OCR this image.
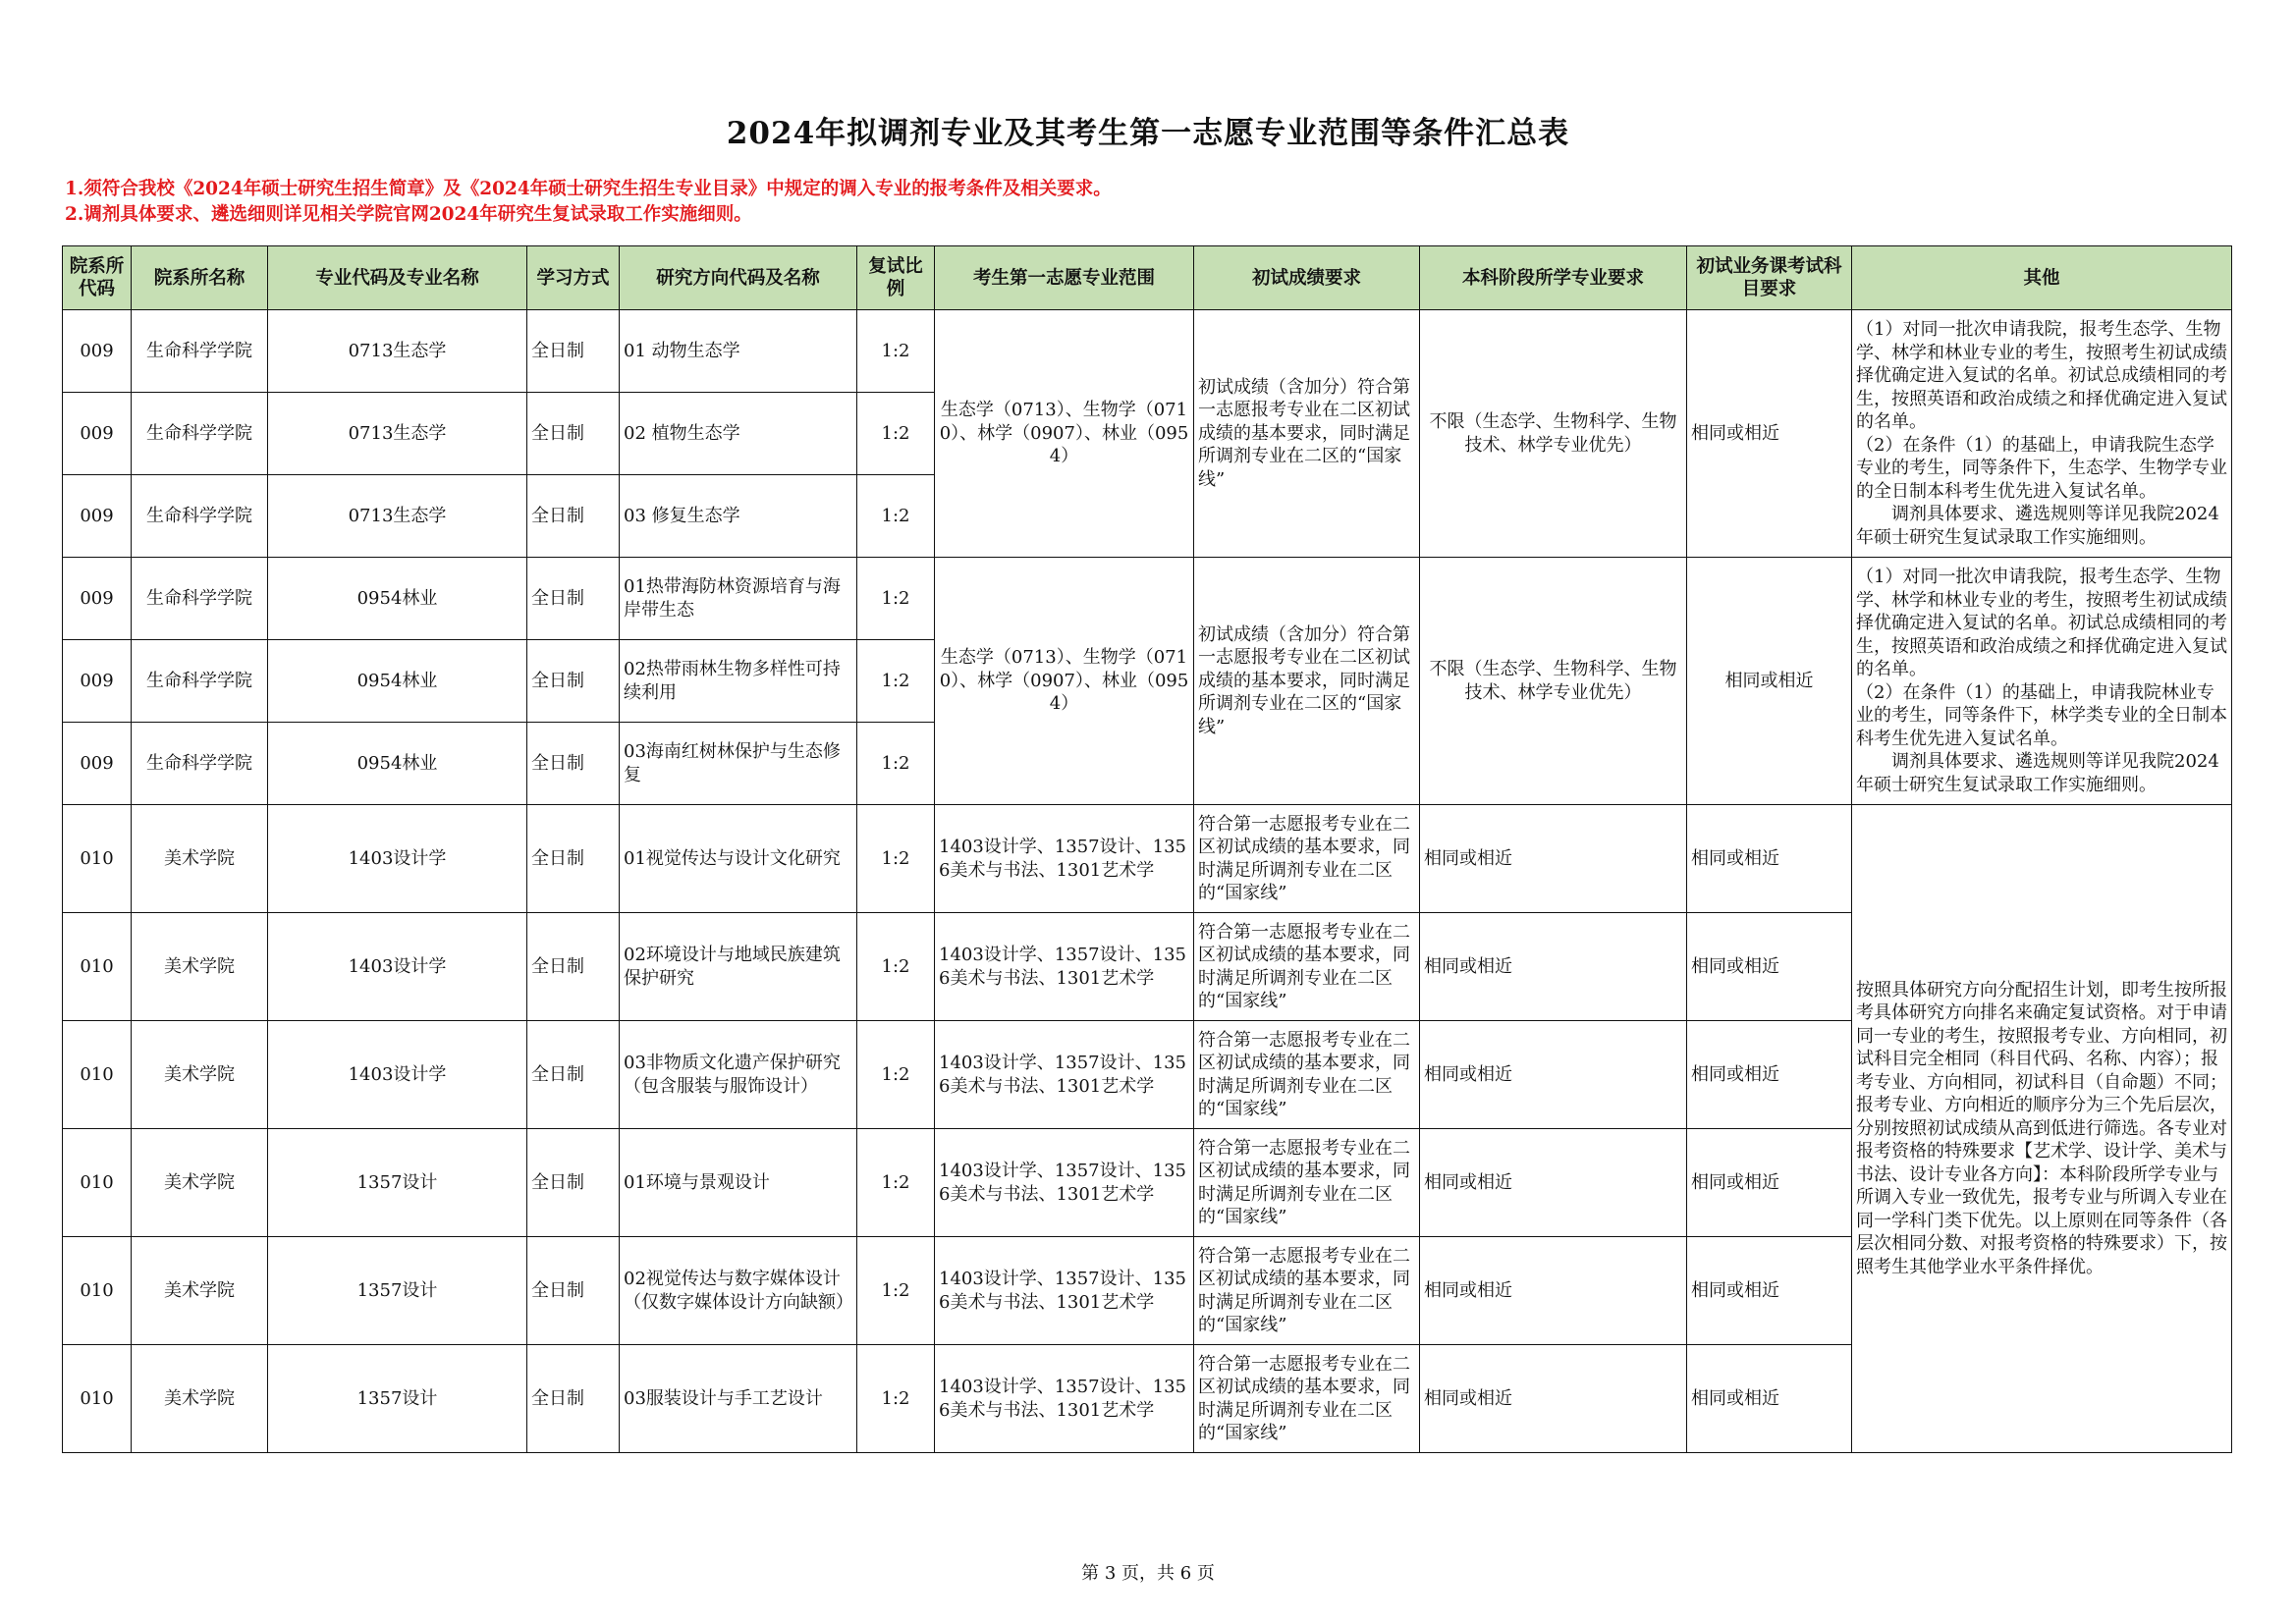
2024年拟调剂专业及其考生第一志愿专业范围等条件汇总表
1.须符合我校《2024年硕士研究生招生简章》及《2024年硕士研究生招生专业目录》中规定的调入专业的报考条件及相关要求。
2.调剂具体要求、遴选细则详见相关学院官网2024年研究生复试录取工作实施细则。
院系所代码	院系所名称	专业代码及专业名称	学习方式	研究方向代码及名称	复试比例	考生第一志愿专业范围	初试成绩要求	本科阶段所学专业要求	初试业务课考试科目要求	其他
009	生命科学学院	0713生态学	全日制	01 动物生态学	1:2	生态学（0713）、生物学（0710）、林学（0907）、林业（0954）	初试成绩（含加分）符合第一志愿报考专业在二区初试成绩的基本要求，同时满足所调剂专业在二区的“国家线”	不限（生态学、生物科学、生物技术、林学专业优先）	相同或相近	（1）对同一批次申请我院，报考生态学、生物学、林学和林业专业的考生，按照考生初试成绩择优确定进入复试的名单。初试总成绩相同的考生，按照英语和政治成绩之和择优确定进入复试的名单。
（2）在条件（1）的基础上，申请我院生态学专业的考生，同等条件下，生态学、生物学专业的全日制本科考生优先进入复试名单。
　　调剂具体要求、遴选规则等详见我院2024年硕士研究生复试录取工作实施细则。
009	生命科学学院	0713生态学	全日制	02 植物生态学	1:2					
009	生命科学学院	0713生态学	全日制	03 修复生态学	1:2					
009	生命科学学院	0954林业	全日制	01热带海防林资源培育与海岸带生态	1:2	生态学（0713）、生物学（0710）、林学（0907）、林业（0954）	初试成绩（含加分）符合第一志愿报考专业在二区初试成绩的基本要求，同时满足所调剂专业在二区的“国家线”	不限（生态学、生物科学、生物技术、林学专业优先）	相同或相近	（1）对同一批次申请我院，报考生态学、生物学、林学和林业专业的考生，按照考生初试成绩择优确定进入复试的名单。初试总成绩相同的考生，按照英语和政治成绩之和择优确定进入复试的名单。
（2）在条件（1）的基础上，申请我院林业专业的考生，同等条件下，林学类专业的全日制本科考生优先进入复试名单。
　　调剂具体要求、遴选规则等详见我院2024年硕士研究生复试录取工作实施细则。
009	生命科学学院	0954林业	全日制	02热带雨林生物多样性可持续利用	1:2					
009	生命科学学院	0954林业	全日制	03海南红树林保护与生态修复	1:2					
010	美术学院	1403设计学	全日制	01视觉传达与设计文化研究	1:2	1403设计学、1357设计、1356美术与书法、1301艺术学	符合第一志愿报考专业在二区初试成绩的基本要求，同时满足所调剂专业在二区的“国家线”	相同或相近	相同或相近	按照具体研究方向分配招生计划，即考生按所报考具体研究方向排名来确定复试资格。对于申请同一专业的考生，按照报考专业、方向相同，初试科目完全相同（科目代码、名称、内容）；报考专业、方向相同，初试科目（自命题）不同；报考专业、方向相近的顺序分为三个先后层次，分别按照初试成绩从高到低进行筛选。各专业对报考资格的特殊要求【艺术学、设计学、美术与书法、设计专业各方向】：本科阶段所学专业与所调入专业一致优先，报考专业与所调入专业在同一学科门类下优先。以上原则在同等条件（各层次相同分数、对报考资格的特殊要求）下，按照考生其他学业水平条件择优。
010	美术学院	1403设计学	全日制	02环境设计与地域民族建筑保护研究	1:2	1403设计学、1357设计、1356美术与书法、1301艺术学	符合第一志愿报考专业在二区初试成绩的基本要求，同时满足所调剂专业在二区的“国家线”	相同或相近	相同或相近	
010	美术学院	1403设计学	全日制	03非物质文化遗产保护研究（包含服装与服饰设计）	1:2	1403设计学、1357设计、1356美术与书法、1301艺术学	符合第一志愿报考专业在二区初试成绩的基本要求，同时满足所调剂专业在二区的“国家线”	相同或相近	相同或相近	
010	美术学院	1357设计	全日制	01环境与景观设计	1:2	1403设计学、1357设计、1356美术与书法、1301艺术学	符合第一志愿报考专业在二区初试成绩的基本要求，同时满足所调剂专业在二区的“国家线”	相同或相近	相同或相近	
010	美术学院	1357设计	全日制	02视觉传达与数字媒体设计（仅数字媒体设计方向缺额）	1:2	1403设计学、1357设计、1356美术与书法、1301艺术学	符合第一志愿报考专业在二区初试成绩的基本要求，同时满足所调剂专业在二区的“国家线”	相同或相近	相同或相近	
010	美术学院	1357设计	全日制	03服装设计与手工艺设计	1:2	1403设计学、1357设计、1356美术与书法、1301艺术学	符合第一志愿报考专业在二区初试成绩的基本要求，同时满足所调剂专业在二区的“国家线”	相同或相近	相同或相近	
第 3 页，共 6 页
